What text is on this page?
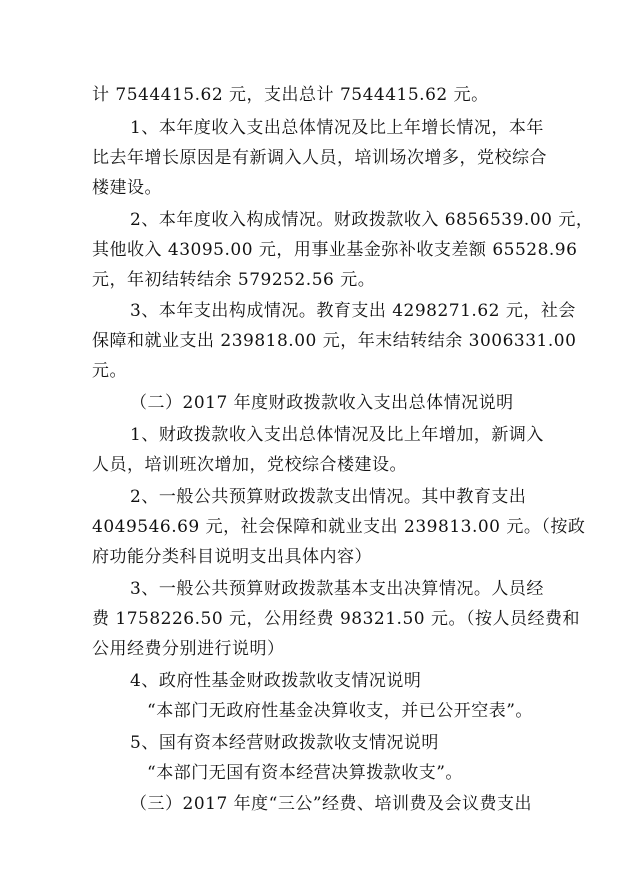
计 7544415.62 元，支出总计 7544415.62 元。
1、本年度收入支出总体情况及比上年增长情况，本年
比去年增长原因是有新调入人员，培训场次增多，党校综合
楼建设。
2、本年度收入构成情况。财政拨款收入 6856539.00 元，
其他收入 43095.00 元，用事业基金弥补收支差额 65528.96
元，年初结转结余 579252.56 元。
3、本年支出构成情况。教育支出 4298271.62 元，社会
保障和就业支出 239818.00 元，年末结转结余 3006331.00
元。
（二）2017 年度财政拨款收入支出总体情况说明
1、财政拨款收入支出总体情况及比上年增加，新调入
人员，培训班次增加，党校综合楼建设。
2、一般公共预算财政拨款支出情况。其中教育支出
4049546.69 元，社会保障和就业支出 239813.00 元。（按政
府功能分类科目说明支出具体内容）
3、一般公共预算财政拨款基本支出决算情况。人员经
费 1758226.50 元，公用经费 98321.50 元。（按人员经费和
公用经费分别进行说明）
4、政府性基金财政拨款收支情况说明
“本部门无政府性基金决算收支，并已公开空表”。
5、国有资本经营财政拨款收支情况说明
“本部门无国有资本经营决算拨款收支”。
（三）2017 年度“三公”经费、培训费及会议费支出
